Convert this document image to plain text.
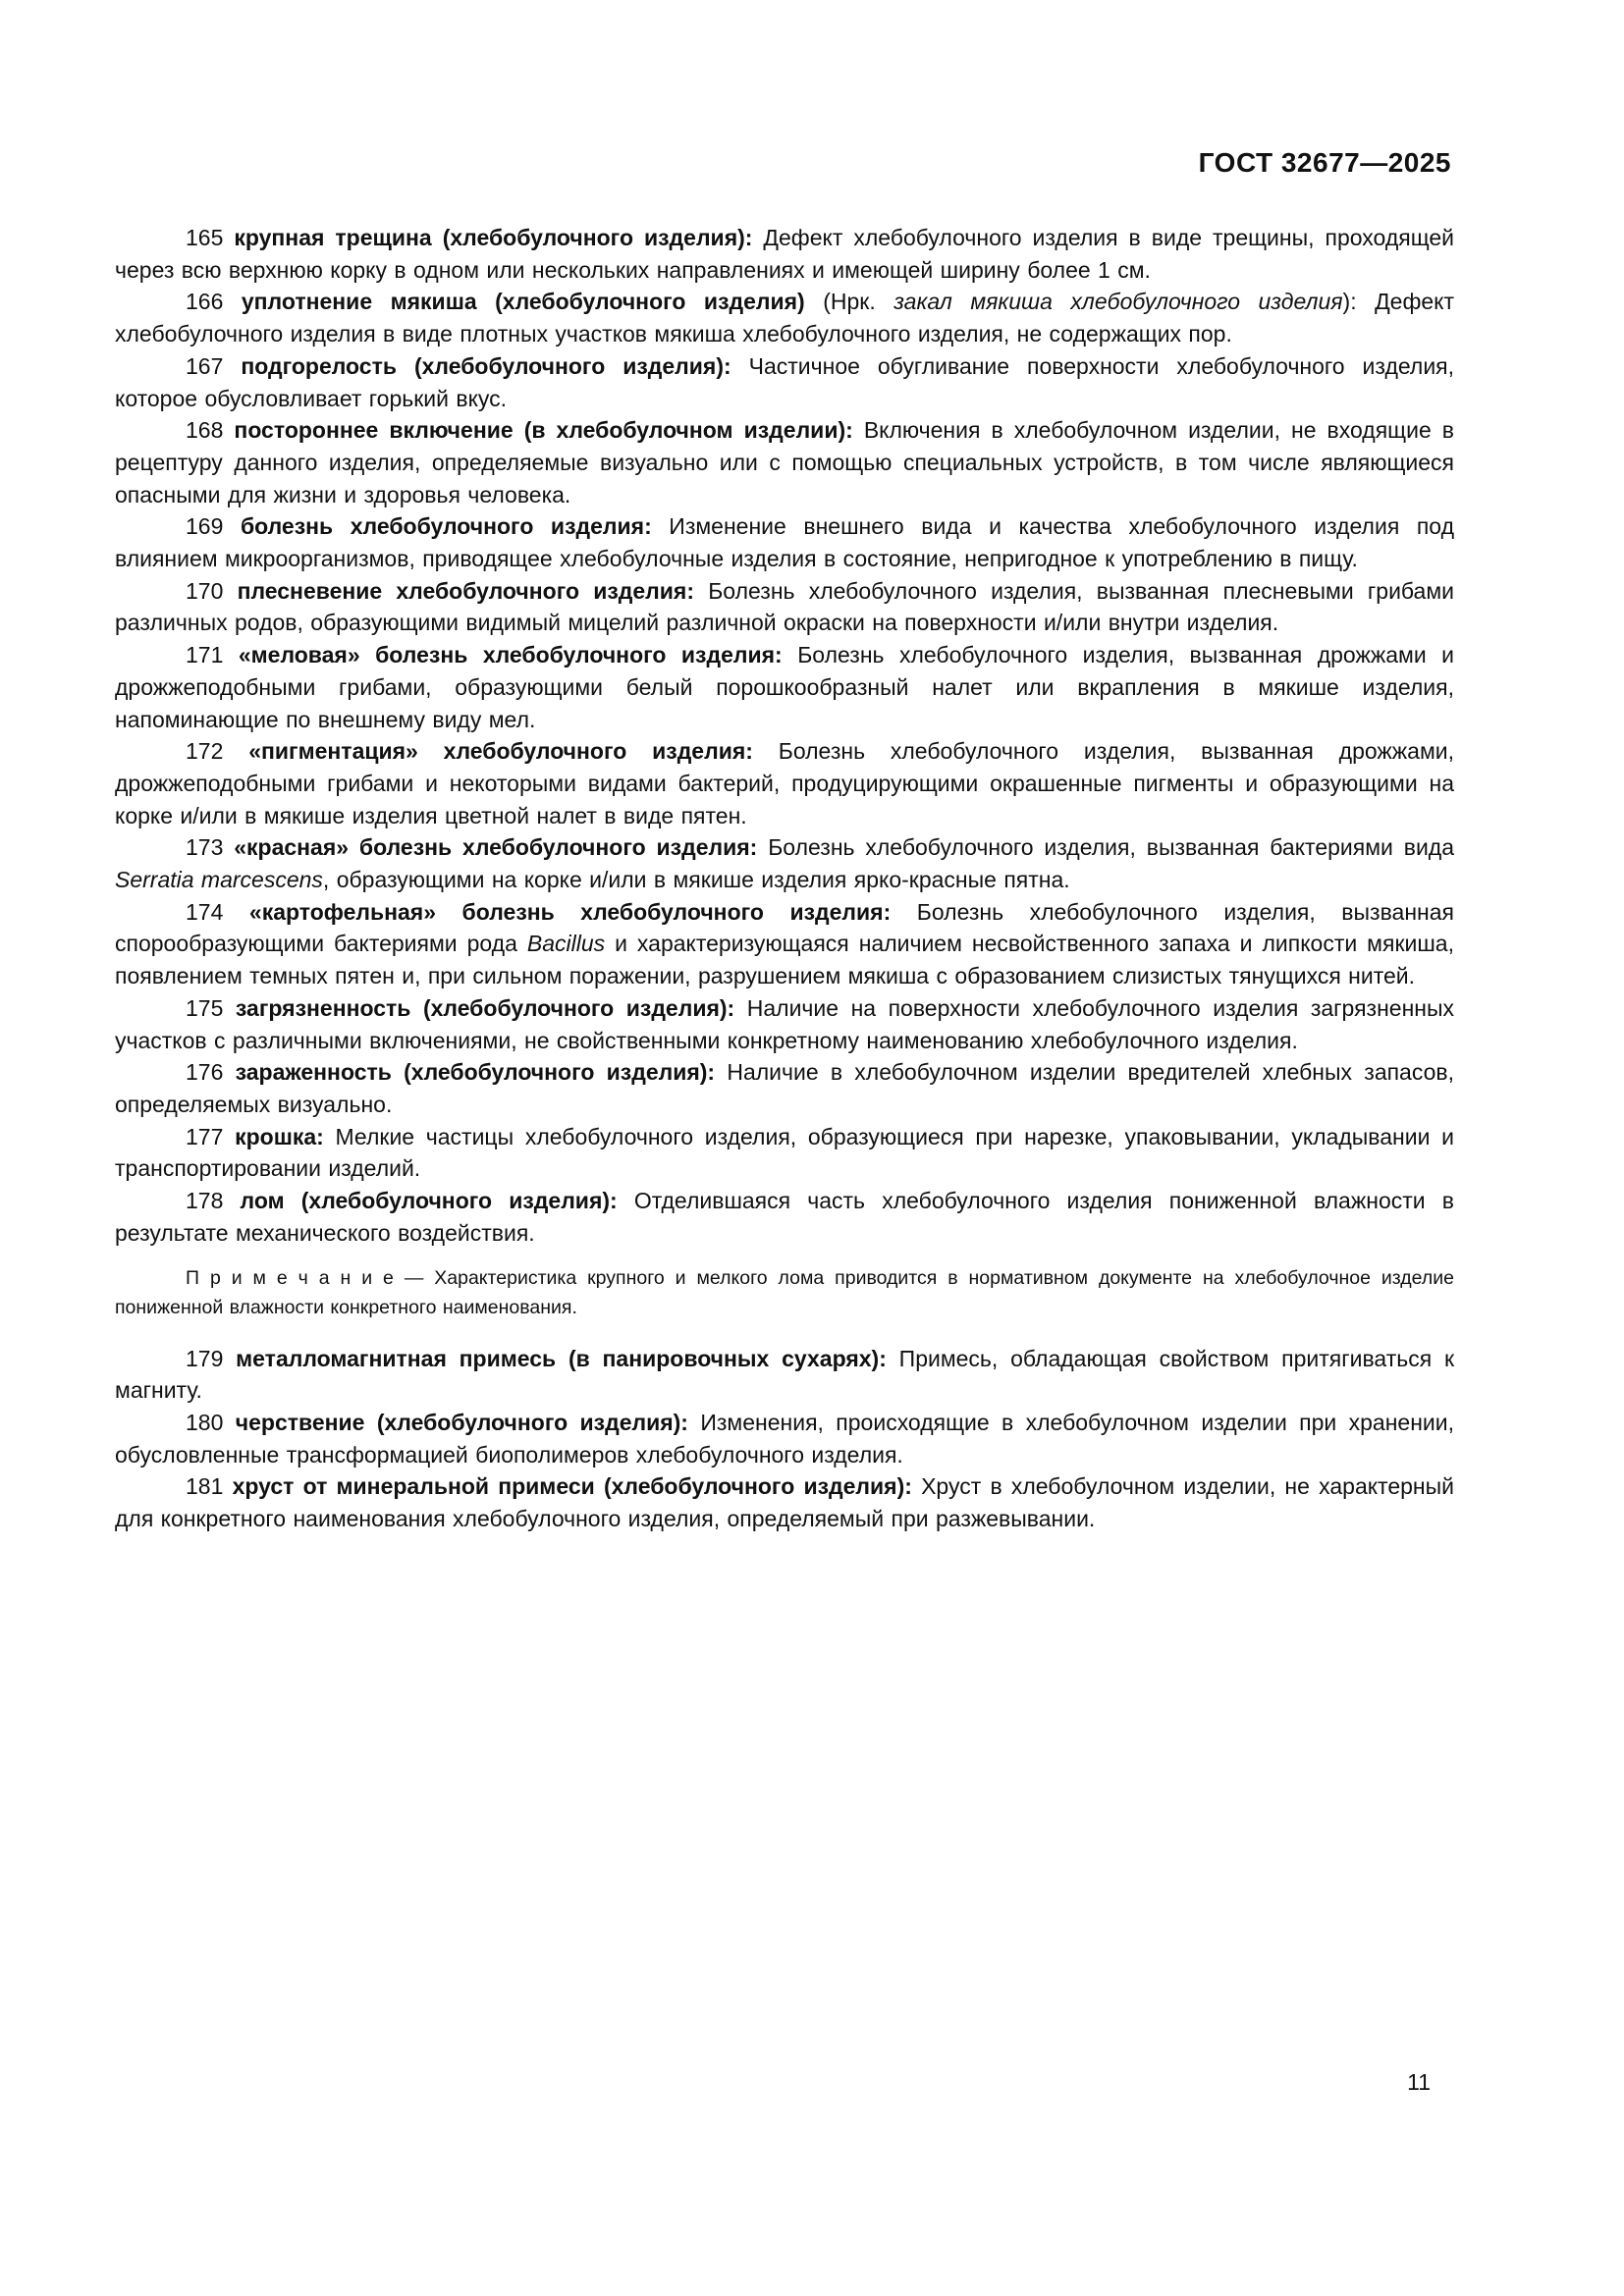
ГОСТ 32677—2025

165 крупная трещина (хлебобулочного изделия): Дефект хлебобулочного изделия в виде трещины, проходящей через всю верхнюю корку в одном или нескольких направлениях и имеющей ширину более 1 см.

166 уплотнение мякиша (хлебобулочного изделия) (Нрк. закал мякиша хлебобулочного изделия): Дефект хлебобулочного изделия в виде плотных участков мякиша хлебобулочного изделия, не содержащих пор.

167 подгорелость (хлебобулочного изделия): Частичное обугливание поверхности хлебобулочного изделия, которое обусловливает горький вкус.

168 постороннее включение (в хлебобулочном изделии): Включения в хлебобулочном изделии, не входящие в рецептуру данного изделия, определяемые визуально или с помощью специальных устройств, в том числе являющиеся опасными для жизни и здоровья человека.

169 болезнь хлебобулочного изделия: Изменение внешнего вида и качества хлебобулочного изделия под влиянием микроорганизмов, приводящее хлебобулочные изделия в состояние, непригодное к употреблению в пищу.

170 плесневение хлебобулочного изделия: Болезнь хлебобулочного изделия, вызванная плесневыми грибами различных родов, образующими видимый мицелий различной окраски на поверхности и/или внутри изделия.

171 «меловая» болезнь хлебобулочного изделия: Болезнь хлебобулочного изделия, вызванная дрожжами и дрожжеподобными грибами, образующими белый порошкообразный налет или вкрапления в мякише изделия, напоминающие по внешнему виду мел.

172 «пигментация» хлебобулочного изделия: Болезнь хлебобулочного изделия, вызванная дрожжами, дрожжеподобными грибами и некоторыми видами бактерий, продуцирующими окрашенные пигменты и образующими на корке и/или в мякише изделия цветной налет в виде пятен.

173 «красная» болезнь хлебобулочного изделия: Болезнь хлебобулочного изделия, вызванная бактериями вида Serratia marcescens, образующими на корке и/или в мякише изделия ярко-красные пятна.

174 «картофельная» болезнь хлебобулочного изделия: Болезнь хлебобулочного изделия, вызванная спорообразующими бактериями рода Bacillus и характеризующаяся наличием несвойственного запаха и липкости мякиша, появлением темных пятен и, при сильном поражении, разрушением мякиша с образованием слизистых тянущихся нитей.

175 загрязненность (хлебобулочного изделия): Наличие на поверхности хлебобулочного изделия загрязненных участков с различными включениями, не свойственными конкретному наименованию хлебобулочного изделия.

176 зараженность (хлебобулочного изделия): Наличие в хлебобулочном изделии вредителей хлебных запасов, определяемых визуально.

177 крошка: Мелкие частицы хлебобулочного изделия, образующиеся при нарезке, упаковывании, укладывании и транспортировании изделий.

178 лом (хлебобулочного изделия): Отделившаяся часть хлебобулочного изделия пониженной влажности в результате механического воздействия.

П р и м е ч а н и е — Характеристика крупного и мелкого лома приводится в нормативном документе на хлебобулочное изделие пониженной влажности конкретного наименования.

179 металломагнитная примесь (в панировочных сухарях): Примесь, обладающая свойством притягиваться к магниту.

180 черствение (хлебобулочного изделия): Изменения, происходящие в хлебобулочном изделии при хранении, обусловленные трансформацией биополимеров хлебобулочного изделия.

181 хруст от минеральной примеси (хлебобулочного изделия): Хруст в хлебобулочном изделии, не характерный для конкретного наименования хлебобулочного изделия, определяемый при разжевывании.

11
